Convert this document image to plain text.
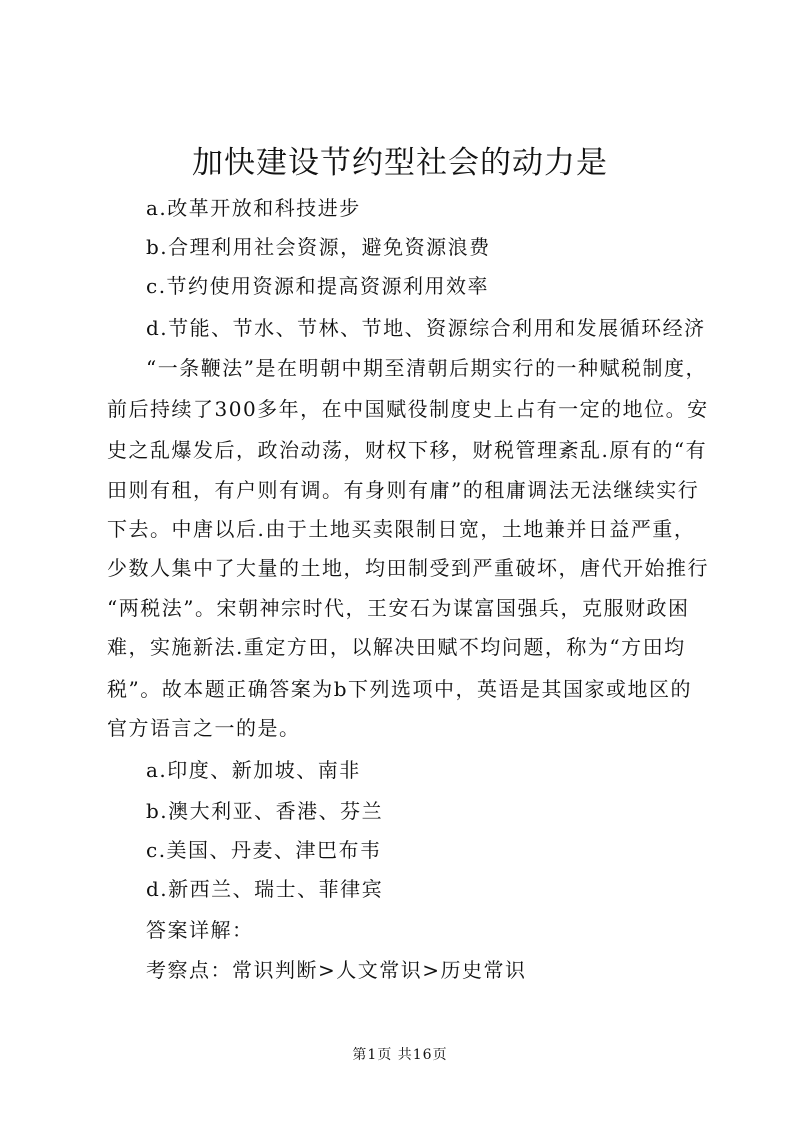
加快建设节约型社会的动力是
a.改革开放和科技进步
b.合理利用社会资源，避免资源浪费
c.节约使用资源和提高资源利用效率
d.节能、节水、节林、节地、资源综合利用和发展循环经济
“一条鞭法”是在明朝中期至清朝后期实行的一种赋税制度，
前后持续了300多年，在中国赋役制度史上占有一定的地位。安
史之乱爆发后，政治动荡，财权下移，财税管理紊乱.原有的“有
田则有租，有户则有调。有身则有庸”的租庸调法无法继续实行
下去。中唐以后.由于土地买卖限制日宽，土地兼并日益严重，
少数人集中了大量的土地，均田制受到严重破坏，唐代开始推行
“两税法”。宋朝神宗时代，王安石为谋富国强兵，克服财政困
难，实施新法.重定方田，以解决田赋不均问题，称为“方田均
税”。故本题正确答案为b下列选项中，英语是其国家或地区的
官方语言之一的是。
a.印度、新加坡、南非
b.澳大利亚、香港、芬兰
c.美国、丹麦、津巴布韦
d.新西兰、瑞士、菲律宾
答案详解：
考察点：常识判断>人文常识>历史常识
第1页 共16页
